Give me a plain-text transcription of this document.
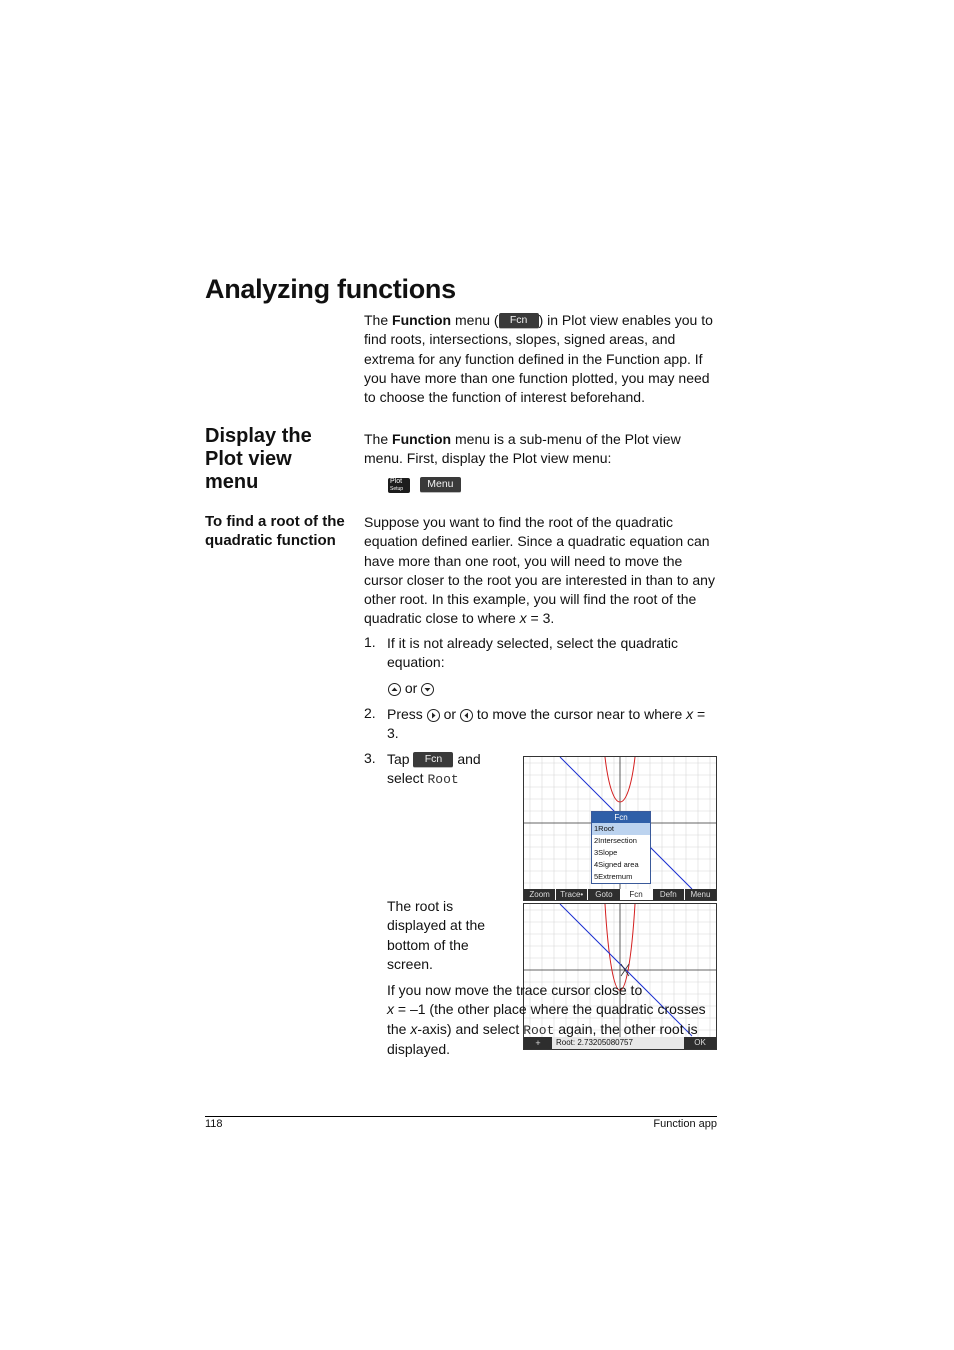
Analyzing functions

The Function menu ( Fcn ) in Plot view enables you to find roots, intersections, slopes, signed areas, and extrema for any function defined in the Function app. If you have more than one function plotted, you may need to choose the function of interest beforehand.

Display the Plot view menu

The Function menu is a sub-menu of the Plot view menu. First, display the Plot view menu:

Plot
Setup Menu
To find a root of the quadratic function

Suppose you want to find the root of the quadratic equation defined earlier. Since a quadratic equation can have more than one root, you will need to move the cursor closer to the root you are interested in than to any other root. In this example, you will find the root of the quadratic close to where x = 3.

1. If it is not already selected, select the quadratic equation:

or
2. Press or to move the cursor near to where x = 3.

3. Tap Fcn and select Root

Fcn
1Root
2Intersection
3Slope
4Signed area
5Extremum
Zoom	Trace•	Goto	Fcn	Defn	Menu
+	Root: 2.73205080757	OK

The root is displayed at the bottom of the screen.

If you now move the trace cursor close to
x = –1 (the other place where the quadratic crosses the x-axis) and select Root again, the other root is displayed.

118	Function app
